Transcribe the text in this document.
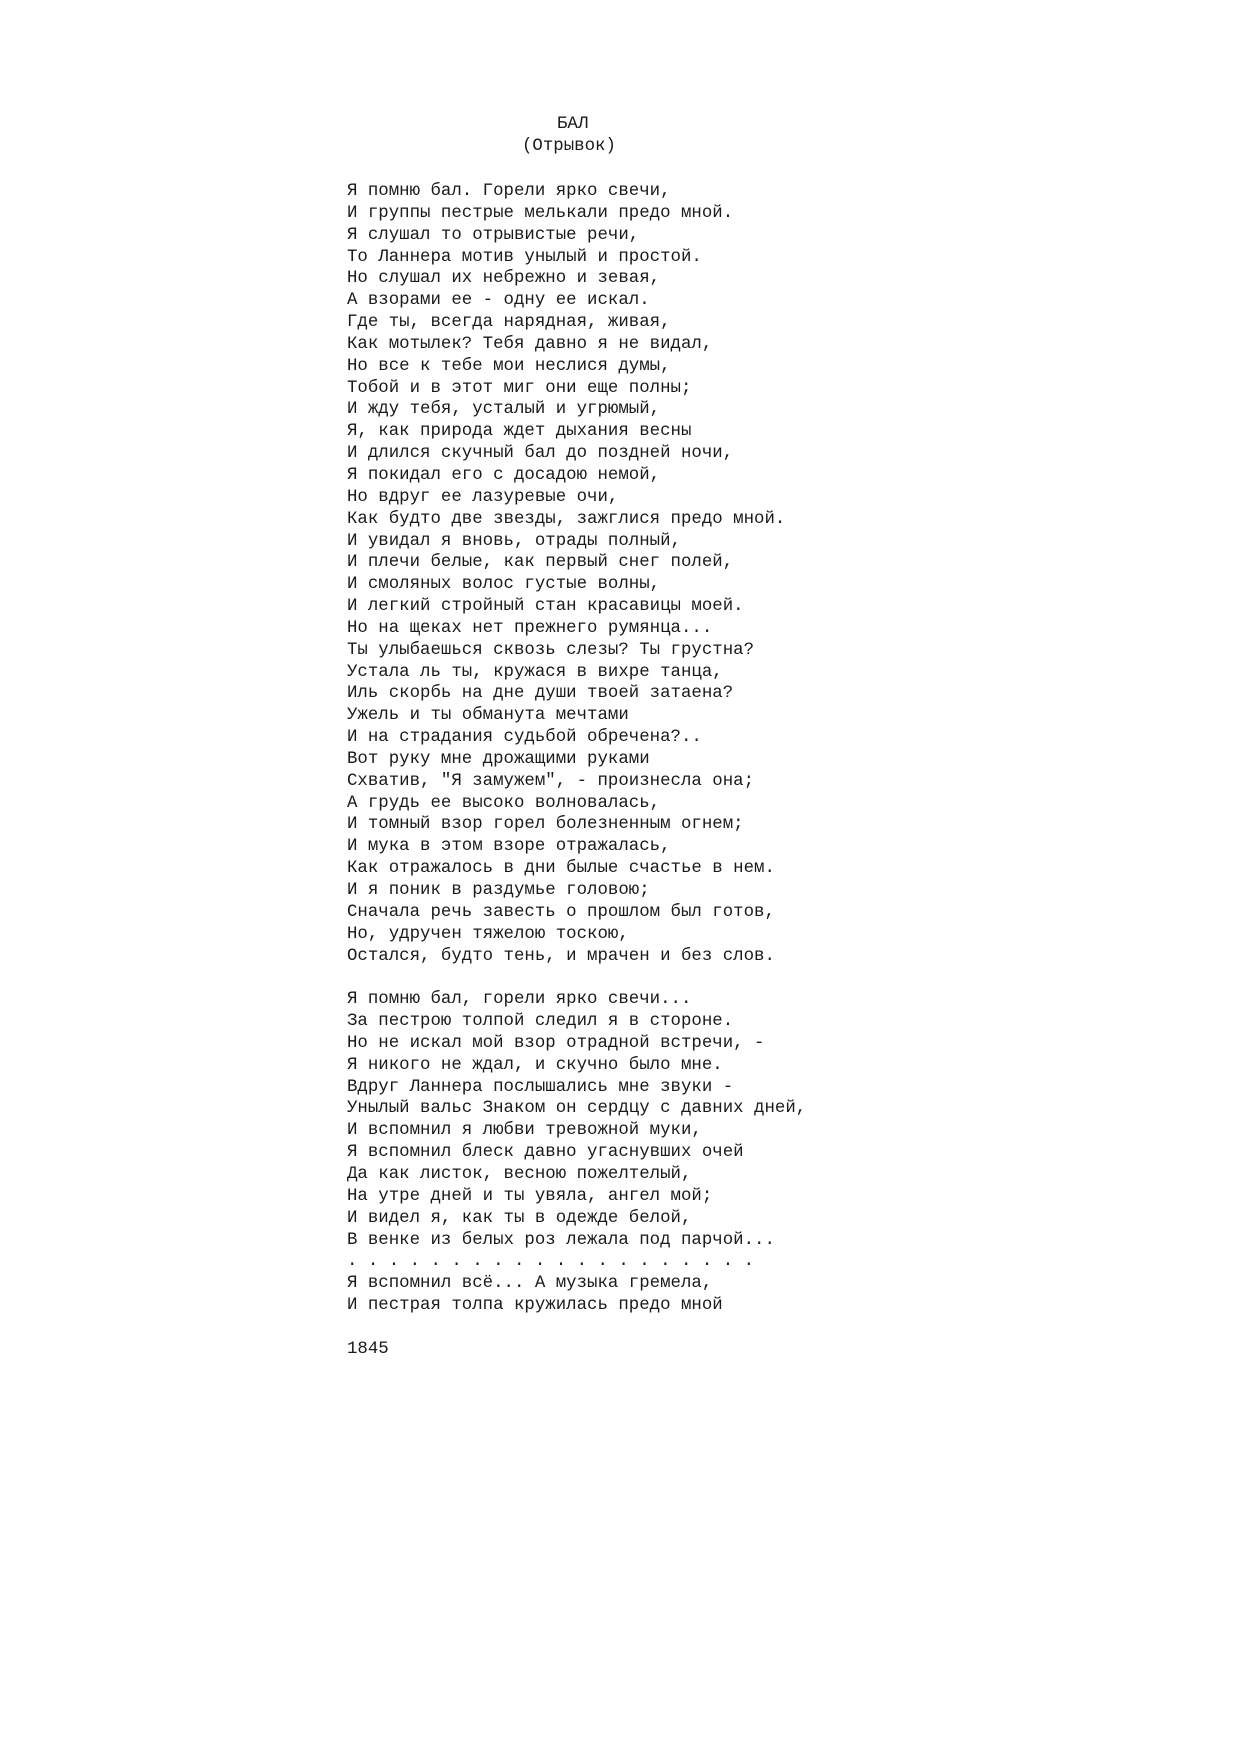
БАЛ
(Отрывок)
Я помню бал. Горели ярко свечи,
И группы пестрые мелькали предо мной.
Я слушал то отрывистые речи,
То Ланнера мотив унылый и простой.
Но слушал их небрежно и зевая,
А взорами ее - одну ее искал.
Где ты, всегда нарядная, живая,
Как мотылек? Тебя давно я не видал,
Но все к тебе мои неслися думы,
Тобой и в этот миг они еще полны;
И жду тебя, усталый и угрюмый,
Я, как природа ждет дыхания весны
И длился скучный бал до поздней ночи,
Я покидал его с досадою немой,
Но вдруг ее лазуревые очи,
Как будто две звезды, зажглися предо мной.
И увидал я вновь, отрады полный,
И плечи белые, как первый снег полей,
И смоляных волос густые волны,
И легкий стройный стан красавицы моей.
Но на щеках нет прежнего румянца...
Ты улыбаешься сквозь слезы? Ты грустна?
Устала ль ты, кружася в вихре танца,
Иль скорбь на дне души твоей затаена?
Ужель и ты обманута мечтами
И на страдания судьбой обречена?..
Вот руку мне дрожащими руками
Схватив, "Я замужем", - произнесла она;
А грудь ее высоко волновалась,
И томный взор горел болезненным огнем;
И мука в этом взоре отражалась,
Как отражалось в дни былые счастье в нем.
И я поник в раздумье головою;
Сначала речь завесть о прошлом был готов,
Но, удручен тяжелою тоскою,
Остался, будто тень, и мрачен и без слов.
Я помню бал, горели ярко свечи...
За пестрою толпой следил я в стороне.
Но не искал мой взор отрадной встречи, -
Я никого не ждал, и скучно было мне.
Вдруг Ланнера послышались мне звуки -
Унылый вальс Знаком он сердцу с давних дней,
И вспомнил я любви тревожной муки,
Я вспомнил блеск давно угаснувших очей
Да как листок, весною пожелтелый,
На утре дней и ты увяла, ангел мой;
И видел я, как ты в одежде белой,
В венке из белых роз лежала под парчой...
. . . . . . . . . . . . . . . . . . . .
Я вспомнил всё... А музыка гремела,
И пестрая толпа кружилась предо мной
1845
